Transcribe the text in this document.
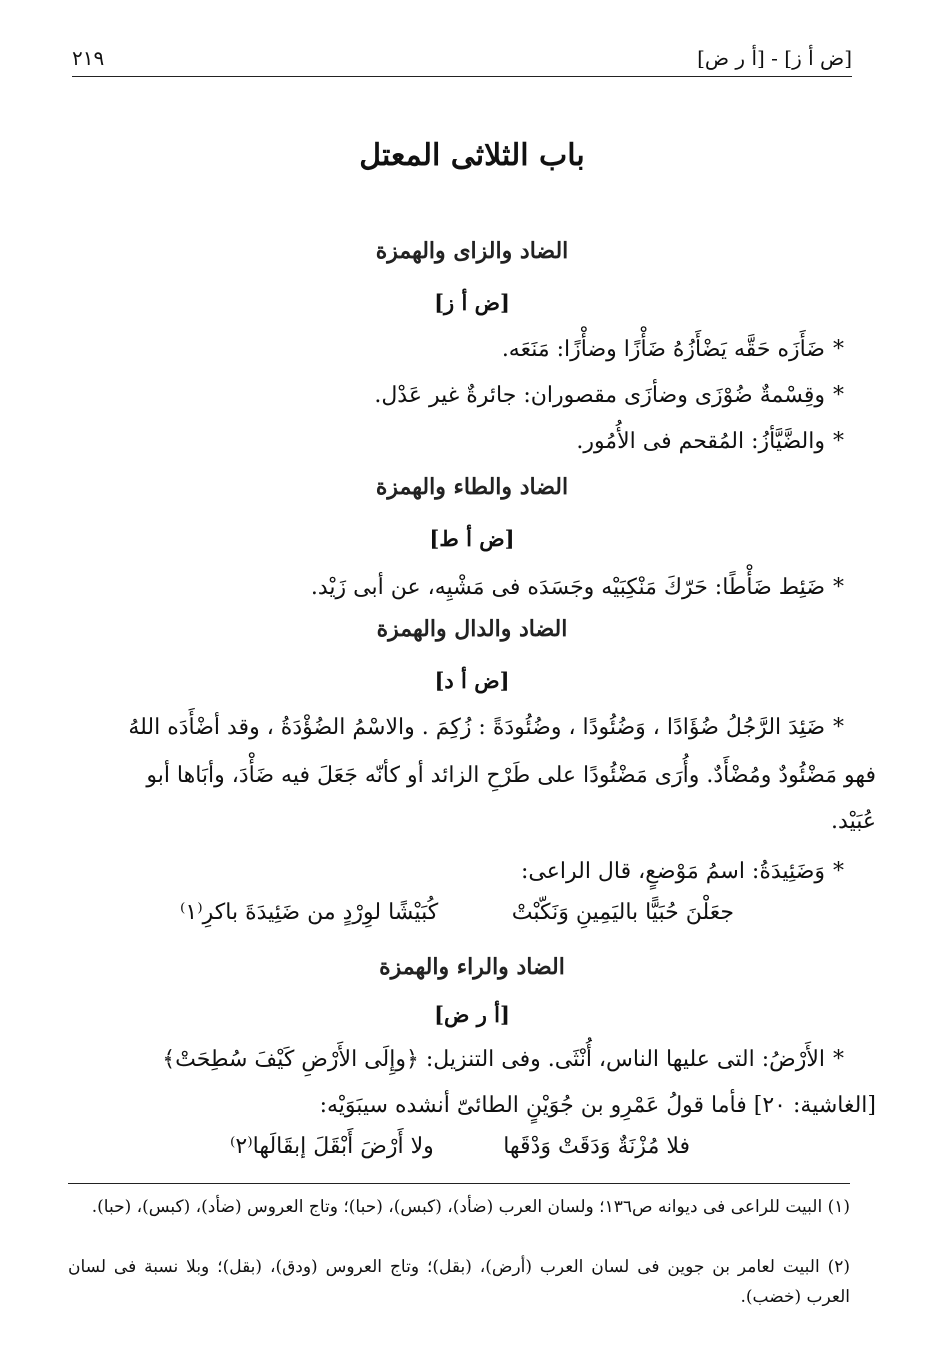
[ض أ ز] - [أ ر ض]
٢١٩
باب الثلاثى المعتل
الضاد والزاى والهمزة
[ض أ ز]
*ضَأَزَه حَقَّه يَضْأَزُهُ ضَأْزًا وضأْزًا: مَنَعَه.
*وقِسْمةٌ ضُوْزَى وضأزَى مقصوران: جائرةٌ غير عَدْل.
*والضَّيَّأزُ: المُقحم فى الأُمُور.
الضاد والطاء والهمزة
[ض أ ط]
*ضَئِط ضَأْطًا: حَرّكَ مَنْكِبَيْه وجَسَدَه فى مَشْيِه، عن أبى زَيْد.
الضاد والدال والهمزة
[ض أ د]
*ضَئِدَ الرَّجُلُ ضُؤَادًا ، وَضُئُودًا ، وضُئُودَةً : زُكِمَ . والاسْمُ الضُؤْدَةُ ، وقد أضْأَدَه اللهُ
فهو مَضْئُودٌ ومُضْأَدٌ. وأُرَى مَضْئُودًا على طَرْحِ الزائد أو كأنّه جَعَلَ فيه ضَأْدَ، وأبَاها أبو
عُبَيْد.
*وَضَئِيدَةُ: اسمُ مَوْضعٍ، قال الراعى:
جعَلْنَ حُبَيًّا باليَمِينِ وَنَكّبْتْ
كُبَيْشًا لوِرْدٍ من ضَئِيدَةَ باكرِ⁽١⁾
الضاد والراء والهمزة
[أ ر ض]
*الأَرْضُ: التى عليها الناس، أُنْثَى. وفى التنزيل: ﴿وإِلَى الأَرْضِ كَيْفَ سُطِحَتْ﴾
[الغاشية: ٢٠] فأما قولُ عَمْرِو بن جُوَيْنٍ الطائىّ أنشده سيبَوَيْه:
فلا مُزْنَةٌ وَدَقَتْ وَدْقَها
ولا أَرْضَ أَبْقَلَ إبقَالَها⁽٢⁾
(١) البيت للراعى فى ديوانه ص١٣٦؛ ولسان العرب (ضأد)، (كبس)، (حبا)؛ وتاج العروس (ضأد)، (كبس)، (حبا).
(٢) البيت لعامر بن جوين فى لسان العرب (أرض)، (بقل)؛ وتاج العروس (ودق)، (بقل)؛ وبلا نسبة فى لسان العرب (خضب).
